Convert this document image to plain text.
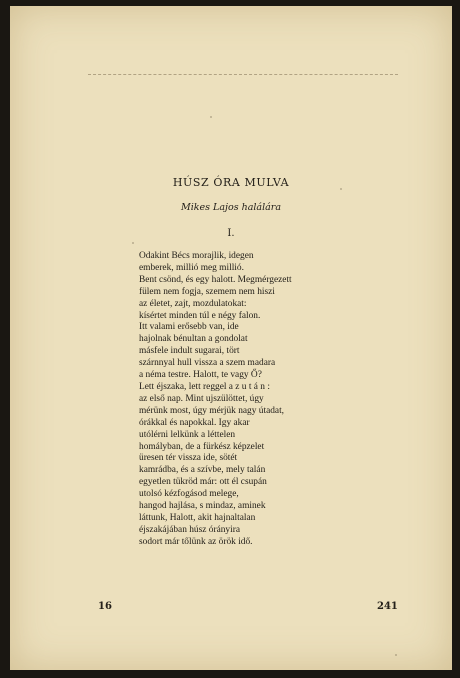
HÚSZ ÓRA MULVA
Mikes Lajos halálára
I.
Odakint Bécs morajlik, idegen
emberek, millió meg millió.
Bent csönd, és egy halott. Megmérgezett
fülem nem fogja, szemem nem hiszi
az életet, zajt, mozdulatokat:
kísértet minden túl e négy falon.
Itt valami erősebb van, ide
hajolnak bénultan a gondolat
másfele indult sugarai, tört
szárnnyal hull vissza a szem madara
a néma testre. Halott, te vagy Ő?
Lett éjszaka, lett reggel a z u t á n :
az első nap. Mint ujszülöttet, úgy
mérünk most, úgy mérjük nagy útadat,
órákkal és napokkal. Igy akar
utólérni lelkünk a léttelen
homályban, de a fürkész képzelet
üresen tér vissza ide, sötét
kamrádba, és a szívbe, mely talán
egyetlen tükröd már: ott él csupán
utolsó kézfogásod melege,
hangod hajlása, s mindaz, aminek
láttunk, Halott, akit hajnaltalan
éjszakájában húsz órányira
sodort már tőlünk az örök idő.
16	241
